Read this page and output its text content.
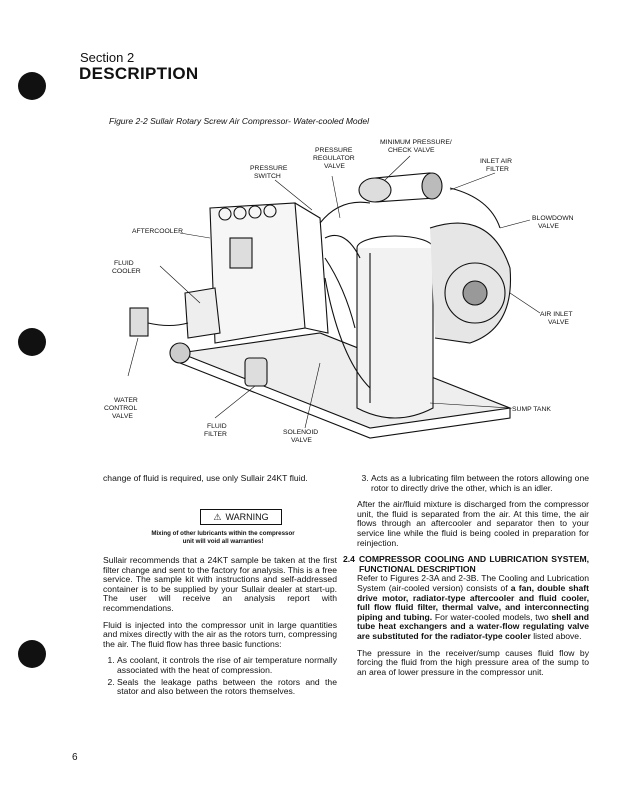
Section 2
DESCRIPTION
Figure 2-2 Sullair Rotary Screw Air Compressor- Water-cooled Model
MINIMUM PRESSURE/ CHECK VALVE
PRESSURE REGULATOR VALVE
PRESSURE SWITCH
INLET AIR FILTER
AFTERCOOLER
BLOWDOWN VALVE
FLUID COOLER
AIR INLET VALVE
WATER CONTROL VALVE
SUMP TANK
FLUID FILTER	SOLENOID VALVE

change of fluid is required, use only Sullair 24KT fluid.

⚠ WARNING
Mixing of other lubricants within the compressor
unit will void all warranties!

Sullair recommends that a 24KT sample be taken at the first filter change and sent to the factory for analysis. This is a free service. The sample kit with instructions and self-addressed container is to be supplied by your Sullair dealer at start-up. The user will receive an analysis report with recommendations.

Fluid is injected into the compressor unit in large quantities and mixes directly with the air as the rotors turn, compressing the air. The fluid flow has three basic functions:

1. As coolant, it controls the rise of air temperature normally associated with the heat of compression.
2. Seals the leakage paths between the rotors and the stator and also between the rotors themselves.
3. Acts as a lubricating film between the rotors allowing one rotor to directly drive the other, which is an idler.

After the air/fluid mixture is discharged from the compressor unit, the fluid is separated from the air. At this time, the air flows through an aftercooler and separator then to your service line while the fluid is being cooled in preparation for reinjection.

2.4 COMPRESSOR COOLING AND LUBRICATION SYSTEM, FUNCTIONAL DESCRIPTION

Refer to Figures 2-3A and 2-3B. The Cooling and Lubrication System (air-cooled version) consists of a fan, double shaft drive motor, radiator-type aftercooler and fluid cooler, full flow fluid filter, thermal valve, and interconnecting piping and tubing. For water-cooled models, two shell and tube heat exchangers and a water-flow regulating valve are substituted for the radiator-type cooler listed above.

The pressure in the receiver/sump causes fluid flow by forcing the fluid from the high pressure area of the sump to an area of lower pressure in the compressor unit.

6
